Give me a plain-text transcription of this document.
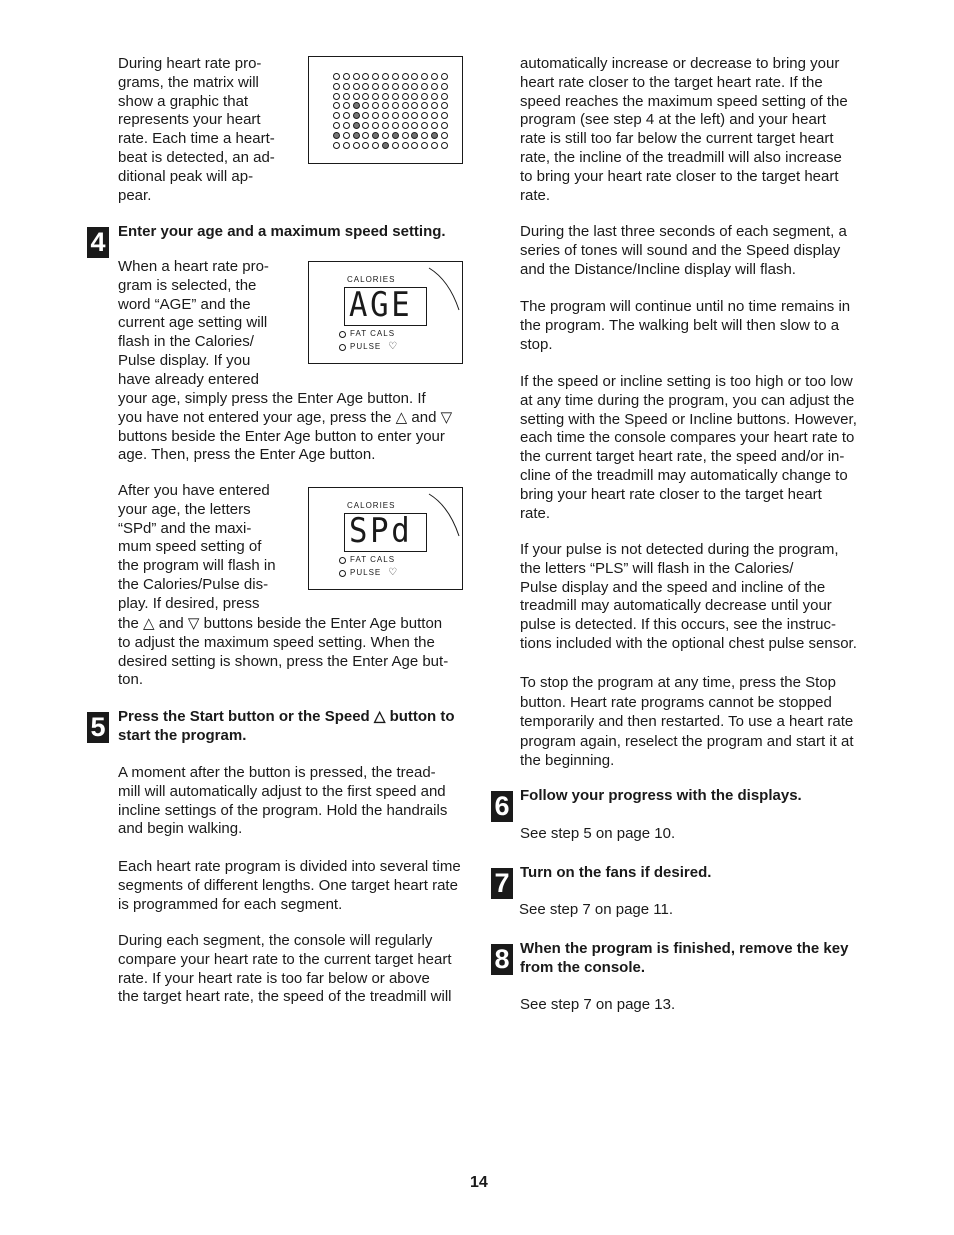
During heart rate pro-
grams, the matrix will
show a graphic that
represents your heart
rate. Each time a heart-
beat is detected, an ad-
ditional peak will ap-
pear.

4 Enter your age and a maximum speed setting.

When a heart rate pro-
gram is selected, the
word “AGE” and the
current age setting will
flash in the Calories/
Pulse display. If you
have already entered

your age, simply press the Enter Age button. If
you have not entered your age, press the △ and ▽
buttons beside the Enter Age button to enter your
age. Then, press the Enter Age button.

CALORIES
AGE
FAT CALS
PULSE ♡

After you have entered
your age, the letters
“SPd” and the maxi-
mum speed setting of
the program will flash in
the Calories/Pulse dis-
play. If desired, press

the △ and ▽ buttons beside the Enter Age button
to adjust the maximum speed setting. When the
desired setting is shown, press the Enter Age but-
ton.

CALORIES
SPd
FAT CALS
PULSE ♡
5 Press the Start button or the Speed △ button to
start the program.

A moment after the button is pressed, the tread-
mill will automatically adjust to the first speed and
incline settings of the program. Hold the handrails
and begin walking.

Each heart rate program is divided into several time
segments of different lengths. One target heart rate
is programmed for each segment.

During each segment, the console will regularly
compare your heart rate to the current target heart
rate. If your heart rate is too far below or above
the target heart rate, the speed of the treadmill will

automatically increase or decrease to bring your
heart rate closer to the target heart rate. If the
speed reaches the maximum speed setting of the
program (see step 4 at the left) and your heart
rate is still too far below the current target heart
rate, the incline of the treadmill will also increase
to bring your heart rate closer to the target heart
rate.

During the last three seconds of each segment, a
series of tones will sound and the Speed display
and the Distance/Incline display will flash.

The program will continue until no time remains in
the program. The walking belt will then slow to a
stop.

If the speed or incline setting is too high or too low
at any time during the program, you can adjust the
setting with the Speed or Incline buttons. However,
each time the console compares your heart rate to
the current target heart rate, the speed and/or in-
cline of the treadmill may automatically change to
bring your heart rate closer to the target heart
rate.

If your pulse is not detected during the program,
the letters “PLS” will flash in the Calories/
Pulse display and the speed and incline of the
treadmill may automatically decrease until your
pulse is detected. If this occurs, see the instruc-
tions included with the optional chest pulse sensor.

To stop the program at any time, press the Stop
button. Heart rate programs cannot be stopped
temporarily and then restarted. To use a heart rate
program again, reselect the program and start it at
the beginning.

6 Follow your progress with the displays.

See step 5 on page 10.

7 Turn on the fans if desired.

See step 7 on page 11.

8 When the program is finished, remove the key
from the console.

See step 7 on page 13.

14
